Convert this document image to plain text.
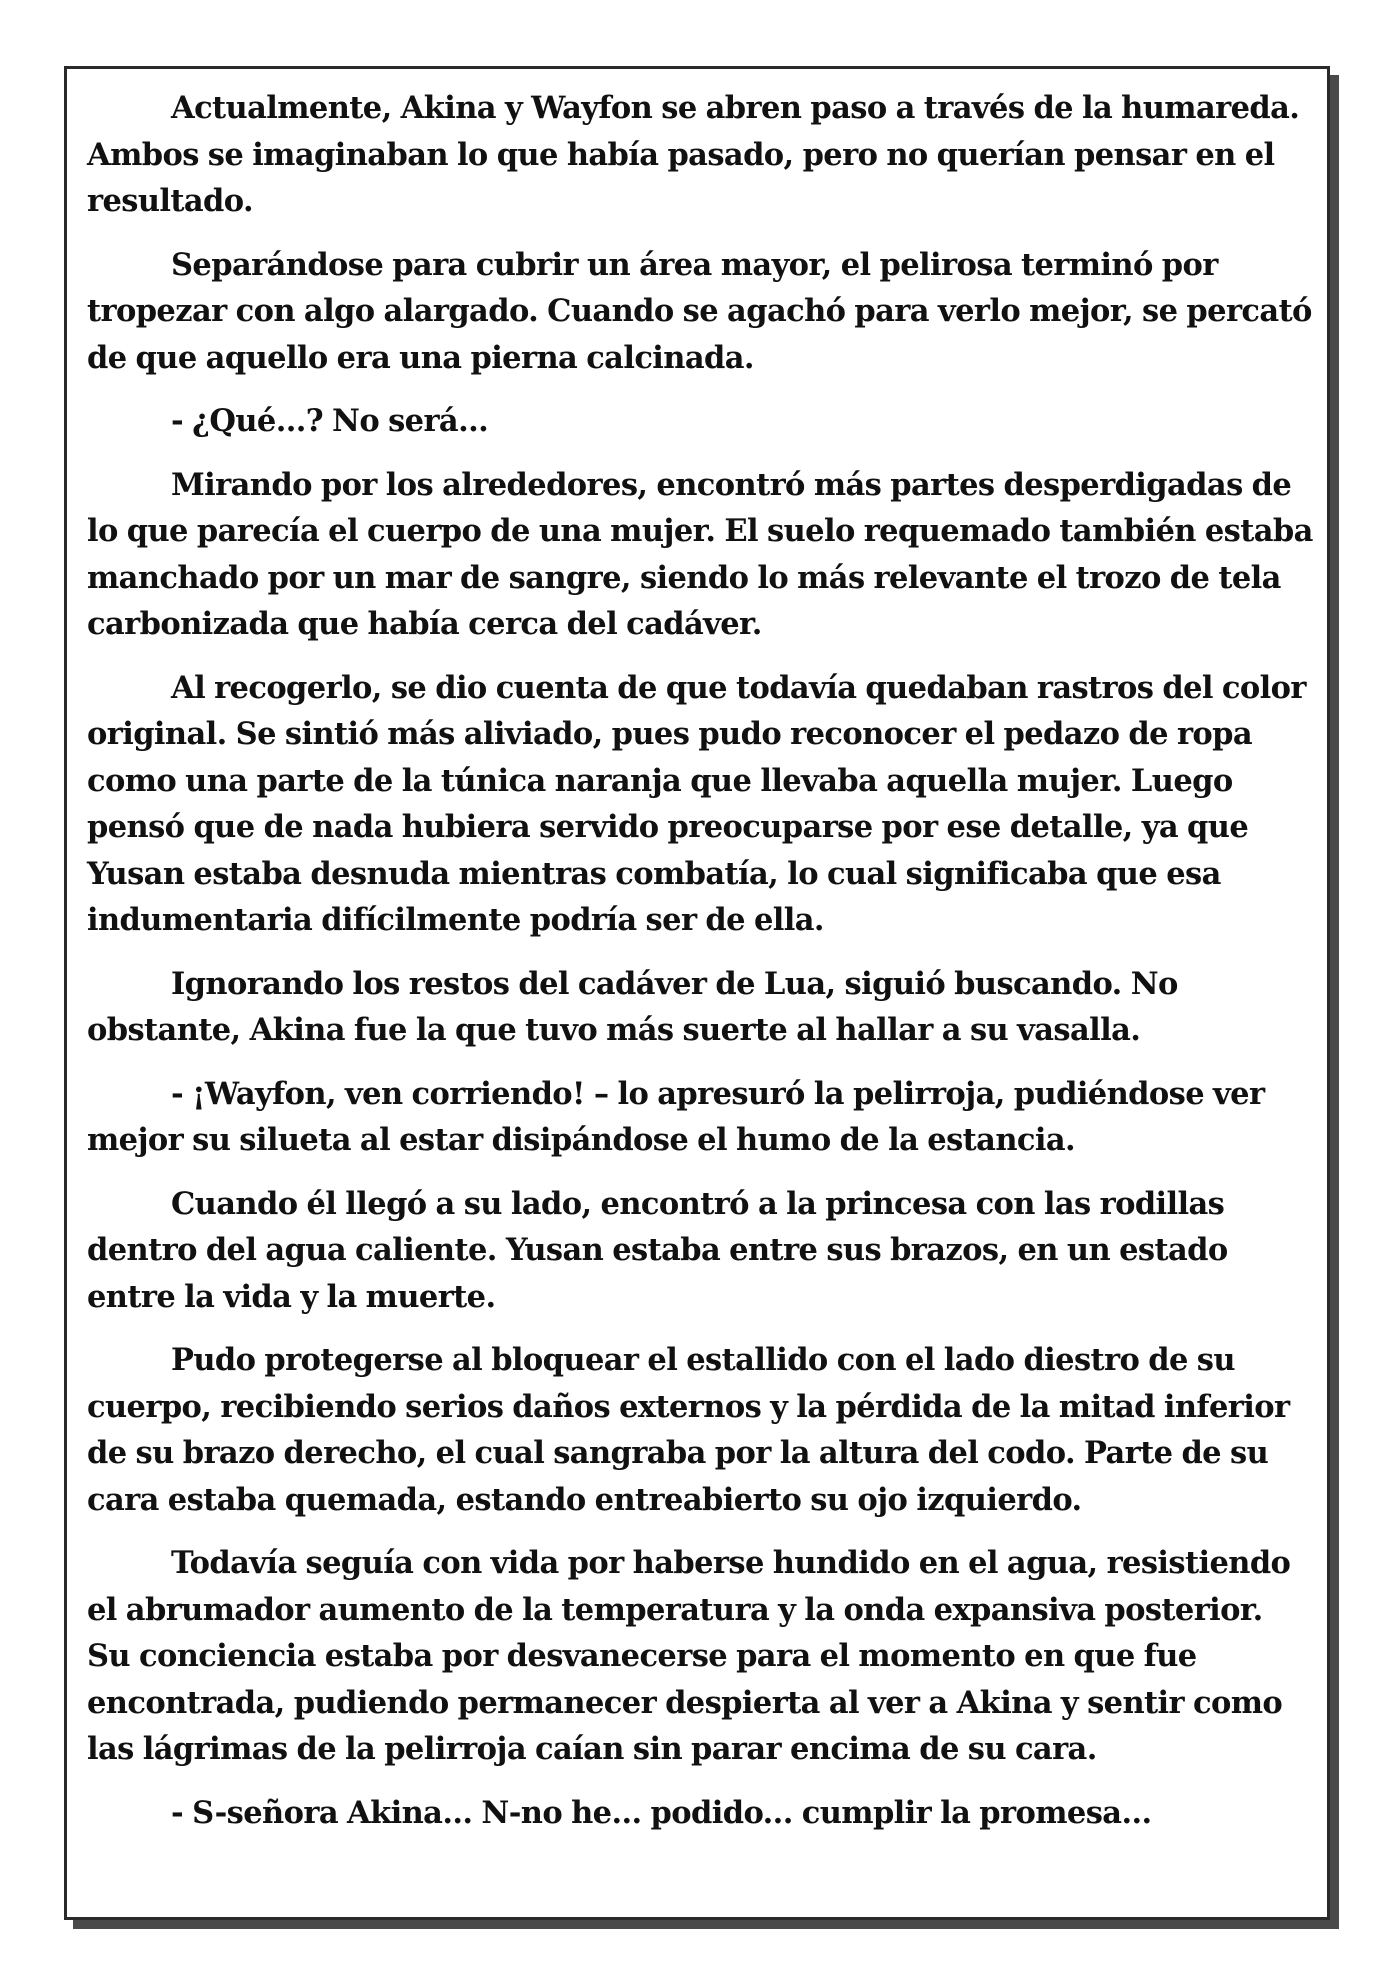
Actualmente, Akina y Wayfon se abren paso a través de la humareda. Ambos se imaginaban lo que había pasado, pero no querían pensar en el resultado.

Separándose para cubrir un área mayor, el pelirosa terminó por tropezar con algo alargado. Cuando se agachó para verlo mejor, se percató de que aquello era una pierna calcinada.

- ¿Qué...? No será...

Mirando por los alrededores, encontró más partes desperdigadas de lo que parecía el cuerpo de una mujer. El suelo requemado también estaba manchado por un mar de sangre, siendo lo más relevante el trozo de tela carbonizada que había cerca del cadáver.

Al recogerlo, se dio cuenta de que todavía quedaban rastros del color original. Se sintió más aliviado, pues pudo reconocer el pedazo de ropa como una parte de la túnica naranja que llevaba aquella mujer. Luego pensó que de nada hubiera servido preocuparse por ese detalle, ya que Yusan estaba desnuda mientras combatía, lo cual significaba que esa indumentaria difícilmente podría ser de ella.

Ignorando los restos del cadáver de Lua, siguió buscando. No obstante, Akina fue la que tuvo más suerte al hallar a su vasalla.

- ¡Wayfon, ven corriendo! – lo apresuró la pelirroja, pudiéndose ver mejor su silueta al estar disipándose el humo de la estancia.

Cuando él llegó a su lado, encontró a la princesa con las rodillas dentro del agua caliente. Yusan estaba entre sus brazos, en un estado entre la vida y la muerte.

Pudo protegerse al bloquear el estallido con el lado diestro de su cuerpo, recibiendo serios daños externos y la pérdida de la mitad inferior de su brazo derecho, el cual sangraba por la altura del codo. Parte de su cara estaba quemada, estando entreabierto su ojo izquierdo.

Todavía seguía con vida por haberse hundido en el agua, resistiendo el abrumador aumento de la temperatura y la onda expansiva posterior. Su conciencia estaba por desvanecerse para el momento en que fue encontrada, pudiendo permanecer despierta al ver a Akina y sentir como las lágrimas de la pelirroja caían sin parar encima de su cara.

- S-señora Akina... N-no he... podido... cumplir la promesa...
